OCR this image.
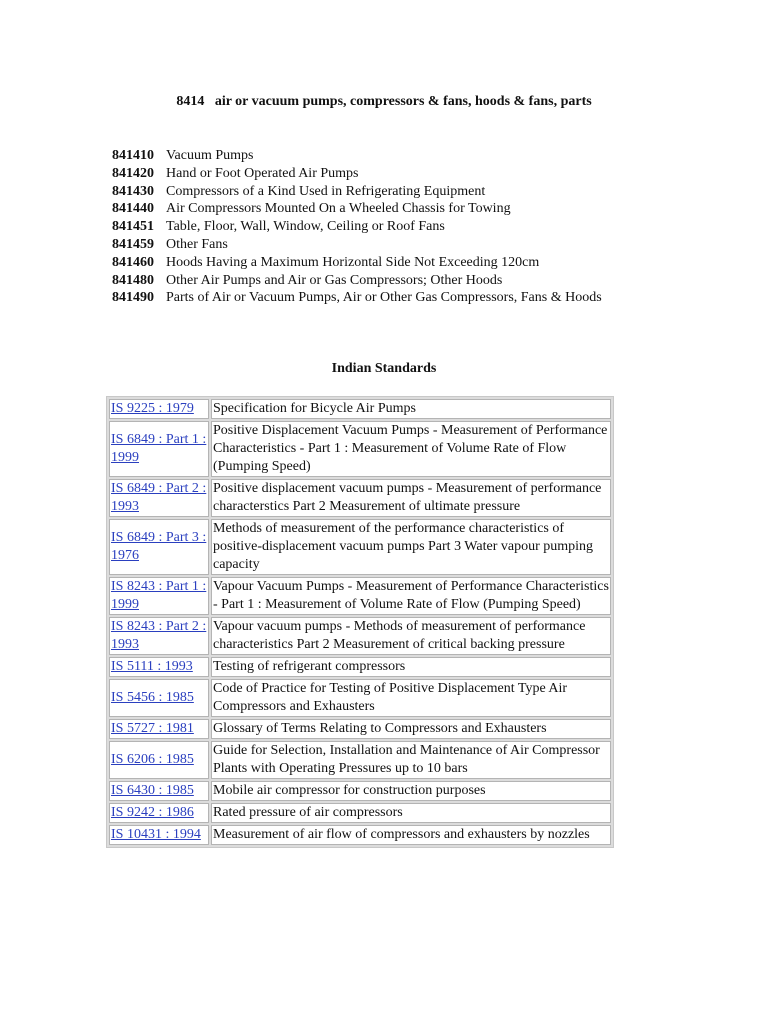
8414   air or vacuum pumps, compressors & fans, hoods & fans, parts
841410 Vacuum Pumps
841420 Hand or Foot Operated Air Pumps
841430 Compressors of a Kind Used in Refrigerating Equipment
841440 Air Compressors Mounted On a Wheeled Chassis for Towing
841451 Table, Floor, Wall, Window, Ceiling or Roof Fans
841459 Other Fans
841460 Hoods Having a Maximum Horizontal Side Not Exceeding 120cm
841480 Other Air Pumps and Air or Gas Compressors; Other Hoods
841490 Parts of Air or Vacuum Pumps, Air or Other Gas Compressors, Fans & Hoods
Indian Standards
IS 9225 : 1979	Specification for Bicycle Air Pumps
IS 6849 : Part 1 : 1999	Positive Displacement Vacuum Pumps - Measurement of Performance Characteristics - Part 1 : Measurement of Volume Rate of Flow (Pumping Speed)
IS 6849 : Part 2 : 1993	Positive displacement vacuum pumps - Measurement of performance characterstics Part 2 Measurement of ultimate pressure
IS 6849 : Part 3 : 1976	Methods of measurement of the performance characteristics of positive-displacement vacuum pumps Part 3 Water vapour pumping capacity
IS 8243 : Part 1 : 1999	Vapour Vacuum Pumps - Measurement of Performance Characteristics - Part 1 : Measurement of Volume Rate of Flow (Pumping Speed)
IS 8243 : Part 2 : 1993	Vapour vacuum pumps - Methods of measurement of performance characteristics Part 2 Measurement of critical backing pressure
IS 5111 : 1993	Testing of refrigerant compressors
IS 5456 : 1985	Code of Practice for Testing of Positive Displacement Type Air Compressors and Exhausters
IS 5727 : 1981	Glossary of Terms Relating to Compressors and Exhausters
IS 6206 : 1985	Guide for Selection, Installation and Maintenance of Air Compressor Plants with Operating Pressures up to 10 bars
IS 6430 : 1985	Mobile air compressor for construction purposes
IS 9242 : 1986	Rated pressure of air compressors
IS 10431 : 1994	Measurement of air flow of compressors and exhausters by nozzles
